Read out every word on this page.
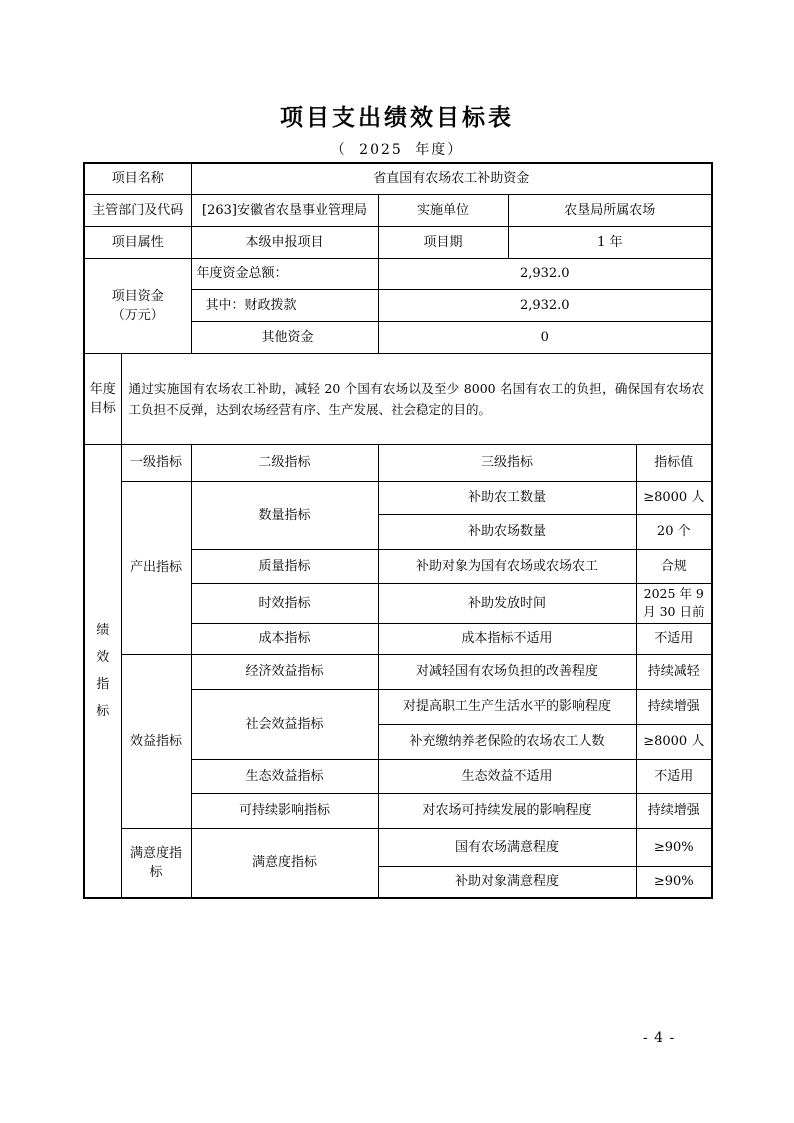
项目支出绩效目标表
（ 2025 年度）
项目名称		省直国有农场农工补助资金			
主管部门及代码		[263]安徽省农垦事业管理局	实施单位	农垦局所属农场	
项目属性		本级申报项目	项目期	1 年	

项目资金
（万元）		年度资金总额：	2,932.0		
		其中：财政拨款	2,932.0		
		其他资金	0		

年度
目标	通过实施国有农场农工补助，减轻 20 个国有农场以及至少 8000 名国有农工的负担，确保国有农场农工负担不反弹，达到农场经营有序、生产发展、社会稳定的目的。				
绩效指标	一级指标	二级指标	三级指标		指标值
	产出指标	数量指标	补助农工数量		≥8000 人
			补助农场数量		20 个
		质量指标	补助对象为国有农场或农场农工		合规
		时效指标	补助发放时间		2025 年 9 月 30 日前
		成本指标	成本指标不适用		不适用
	效益指标	经济效益指标	对减轻国有农场负担的改善程度		持续减轻
		社会效益指标	对提高职工生产生活水平的影响程度		持续增强
			补充缴纳养老保险的农场农工人数		≥8000 人
		生态效益指标	生态效益不适用		不适用
		可持续影响指标	对农场可持续发展的影响程度		持续增强
	满意度指标	满意度指标	国有农场满意程度		≥90%
			补助对象满意程度		≥90%
- 4 -
